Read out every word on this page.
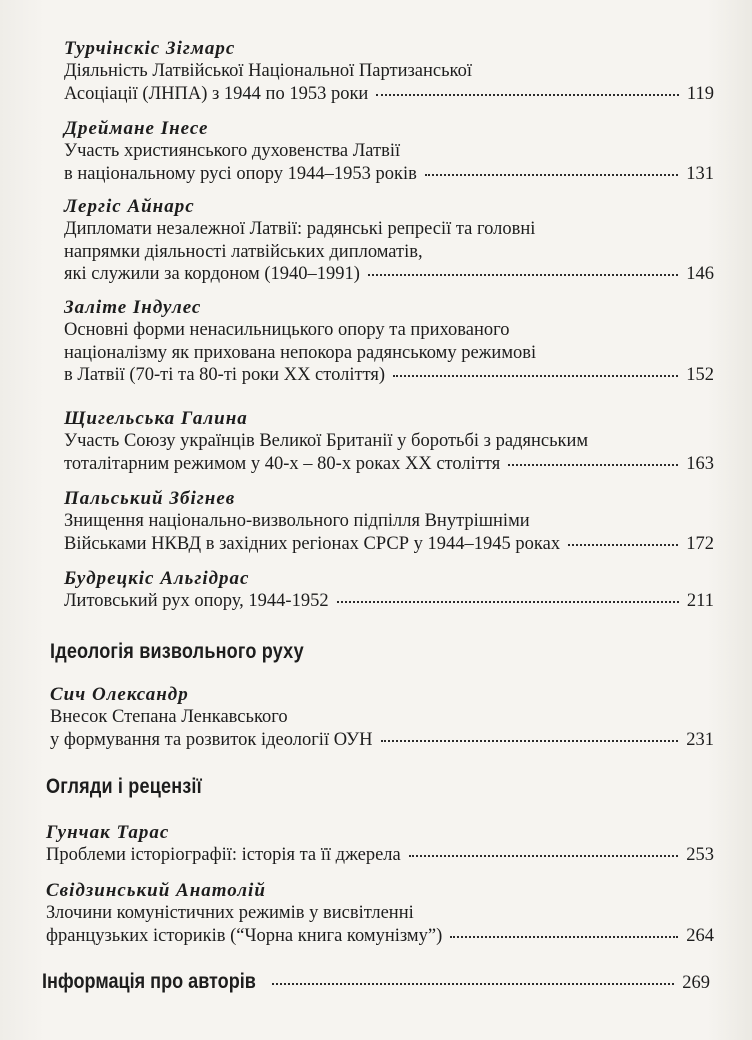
Турчінскіс Зігмарс
Діяльність Латвійської Національної Партизанської
Асоціації (ЛНПА) з 1944 по 1953 роки	119
Дреймане Інесе
Участь християнського духовенства Латвії
в національному русі опору 1944–1953 років	131
Лергіс Айнарс
Дипломати незалежної Латвії: радянські репресії та головні
напрямки діяльності латвійських дипломатів,
які служили за кордоном (1940–1991)	146
Заліте Індулес
Основні форми ненасильницького опору та прихованого
націоналізму як прихована непокора радянському режимові
в Латвії (70-ті та 80-ті роки XX століття)	152
Щигельська Галина
Участь Союзу українців Великої Британії у боротьбі з радянським
тоталітарним режимом у 40-х – 80-х роках XX століття	163
Пальський Збігнев
Знищення національно-визвольного підпілля Внутрішніми
Військами НКВД в західних регіонах СРСР у 1944–1945 роках	172
Будрецкіс Альгідрас
Литовський рух опору, 1944-1952	211
Ідеологія визвольного руху
Сич Олександр
Внесок Степана Ленкавського
у формування та розвиток ідеології ОУН	231
Огляди і рецензії
Гунчак Тарас
Проблеми історіографії: історія та її джерела	253
Свідзинський Анатолій
Злочини комуністичних режимів у висвітленні
французьких істориків (“Чорна книга комунізму”)	264
Інформація про авторів	269
